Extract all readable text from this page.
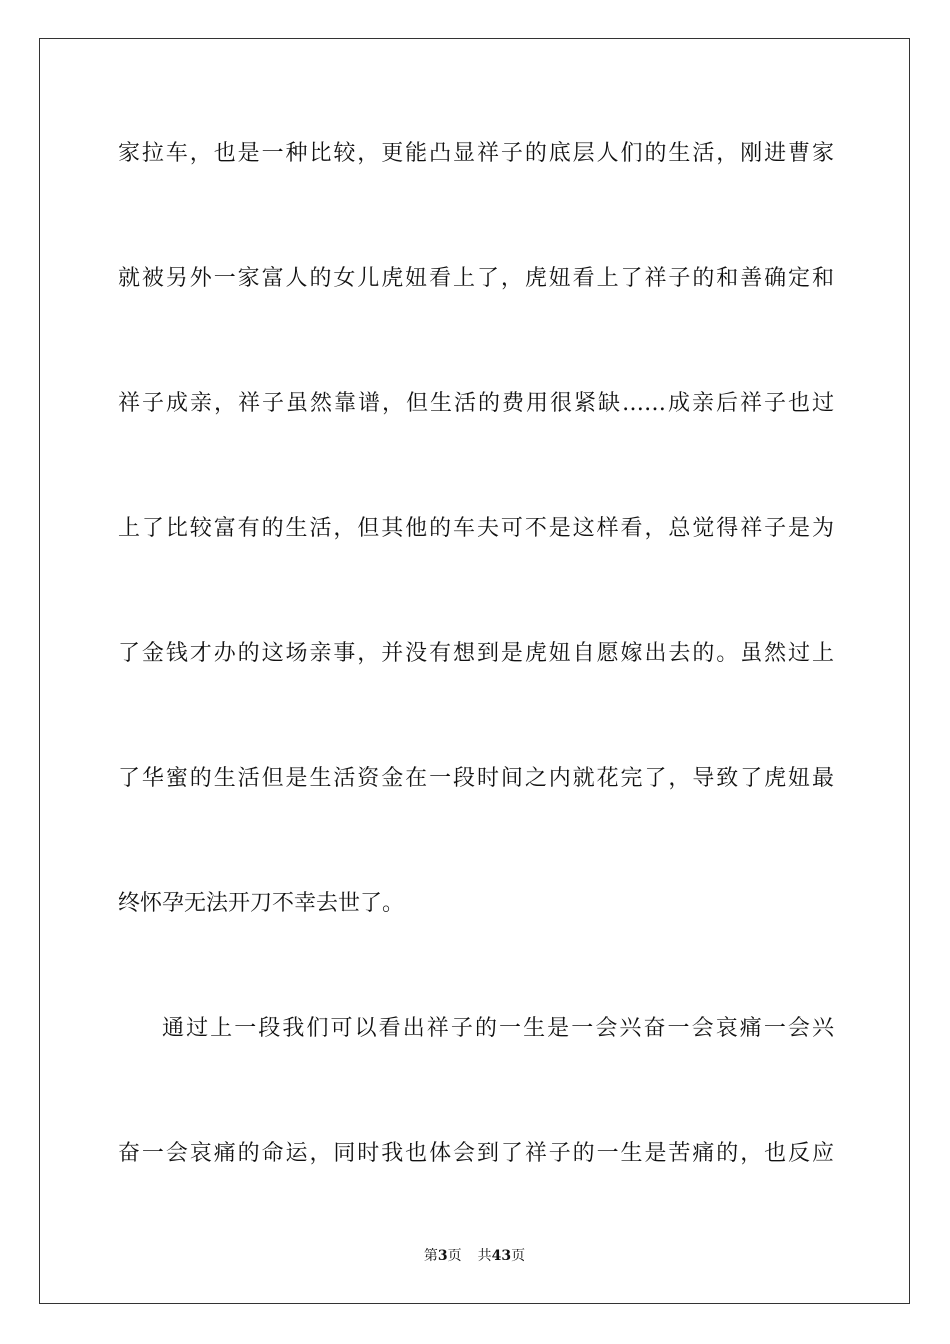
家拉车，也是一种比较，更能凸显祥子的底层人们的生活，刚进曹家
就被另外一家富人的女儿虎妞看上了，虎妞看上了祥子的和善确定和
祥子成亲，祥子虽然靠谱，但生活的费用很紧缺……成亲后祥子也过
上了比较富有的生活，但其他的车夫可不是这样看，总觉得祥子是为
了金钱才办的这场亲事，并没有想到是虎妞自愿嫁出去的。虽然过上
了华蜜的生活但是生活资金在一段时间之内就花完了，导致了虎妞最
终怀孕无法开刀不幸去世了。
通过上一段我们可以看出祥子的一生是一会兴奋一会哀痛一会兴
奋一会哀痛的命运，同时我也体会到了祥子的一生是苦痛的，也反应
第3页 共43页
